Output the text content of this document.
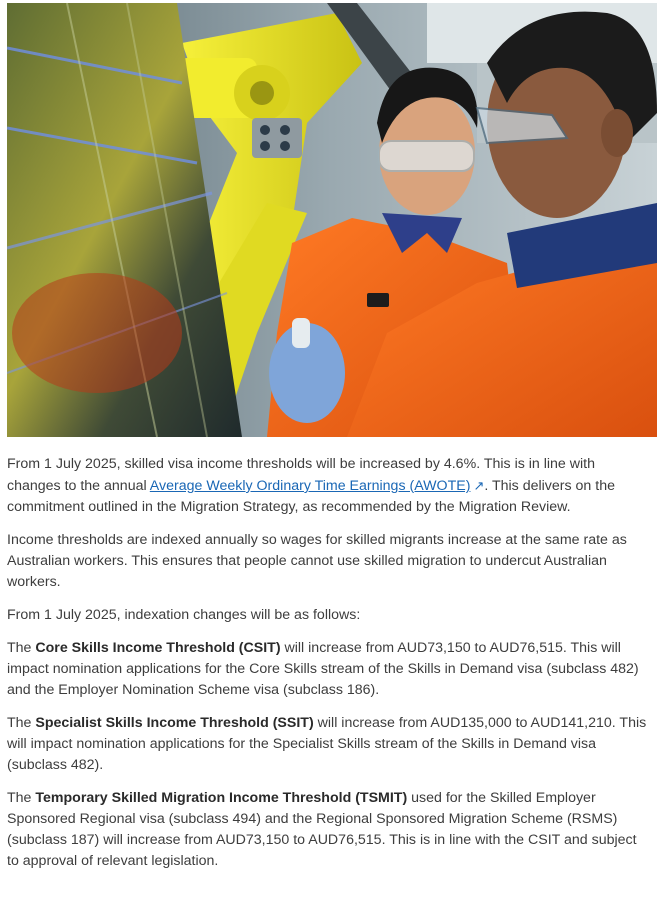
From 1 July 2025, skilled visa income thresholds will be increased by 4.6%. This is in line with changes to the annual Average Weekly Ordinary Time Earnings (AWOTE) ↗. This delivers on the commitment outlined in the Migration Strategy, as recommended by the Migration Review.

Income thresholds are indexed annually so wages for skilled migrants increase at the same rate as Australian workers. This ensures that people cannot use skilled migration to undercut Australian workers.

From 1 July 2025, indexation changes will be as follows:

The Core Skills Income Threshold (CSIT) will increase from AUD73,150 to AUD76,515. This will impact nomination applications for the Core Skills stream of the Skills in Demand visa (subclass 482) and the Employer Nomination Scheme visa (subclass 186).

The Specialist Skills Income Threshold (SSIT) will increase from AUD135,000 to AUD141,210. This will impact nomination applications for the Specialist Skills stream of the Skills in Demand visa (subclass 482).

The Temporary Skilled Migration Income Threshold (TSMIT) used for the Skilled Employer Sponsored Regional visa (subclass 494) and the Regional Sponsored Migration Scheme (RSMS) (subclass 187) will increase from AUD73,150 to AUD76,515. This is in line with the CSIT and subject to approval of relevant legislation.
